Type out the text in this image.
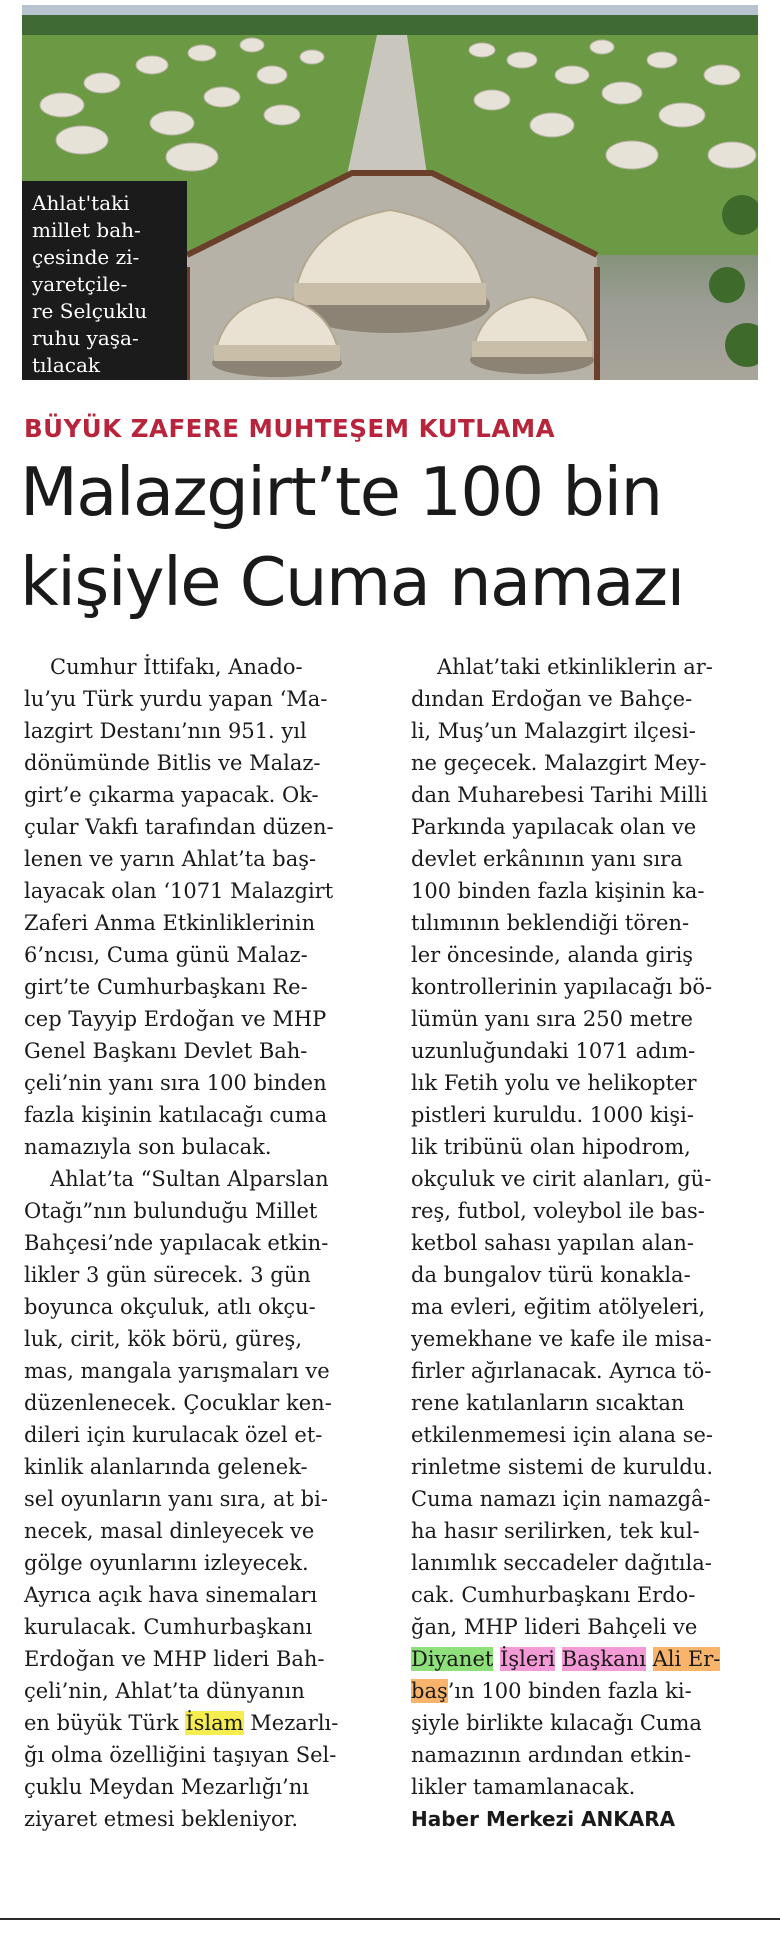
Ahlat'taki
millet bah-
çesinde zi-
yaretçile-
re Selçuklu
ruhu yaşa-
tılacak
BÜYÜK ZAFERE MUHTEŞEM KUTLAMA
Malazgirt’te 100 bin
kişiyle Cuma namazı
Cumhur İttifakı, Anado-
lu’yu Türk yurdu yapan ‘Ma-
lazgirt Destanı’nın 951. yıl
dönümünde Bitlis ve Malaz-
girt’e çıkarma yapacak. Ok-
çular Vakfı tarafından düzen-
lenen ve yarın Ahlat’ta baş-
layacak olan ‘1071 Malazgirt
Zaferi Anma Etkinliklerinin
6’ncısı, Cuma günü Malaz-
girt’te Cumhurbaşkanı Re-
cep Tayyip Erdoğan ve MHP
Genel Başkanı Devlet Bah-
çeli’nin yanı sıra 100 binden
fazla kişinin katılacağı cuma
namazıyla son bulacak.
Ahlat’ta “Sultan Alparslan
Otağı”nın bulunduğu Millet
Bahçesi’nde yapılacak etkin-
likler 3 gün sürecek. 3 gün
boyunca okçuluk, atlı okçu-
luk, cirit, kök börü, güreş,
mas, mangala yarışmaları ve
düzenlenecek. Çocuklar ken-
dileri için kurulacak özel et-
kinlik alanlarında gelenek-
sel oyunların yanı sıra, at bi-
necek, masal dinleyecek ve
gölge oyunlarını izleyecek.
Ayrıca açık hava sinemaları
kurulacak. Cumhurbaşkanı
Erdoğan ve MHP lideri Bah-
çeli’nin, Ahlat’ta dünyanın
en büyük Türk İslam Mezarlı-
ğı olma özelliğini taşıyan Sel-
çuklu Meydan Mezarlığı’nı
ziyaret etmesi bekleniyor.
Ahlat’taki etkinliklerin ar-
dından Erdoğan ve Bahçe-
li, Muş’un Malazgirt ilçesi-
ne geçecek. Malazgirt Mey-
dan Muharebesi Tarihi Milli
Parkında yapılacak olan ve
devlet erkânının yanı sıra
100 binden fazla kişinin ka-
tılımının beklendiği tören-
ler öncesinde, alanda giriş
kontrollerinin yapılacağı bö-
lümün yanı sıra 250 metre
uzunluğundaki 1071 adım-
lık Fetih yolu ve helikopter
pistleri kuruldu. 1000 kişi-
lik tribünü olan hipodrom,
okçuluk ve cirit alanları, gü-
reş, futbol, voleybol ile bas-
ketbol sahası yapılan alan-
da bungalov türü konakla-
ma evleri, eğitim atölyeleri,
yemekhane ve kafe ile misa-
firler ağırlanacak. Ayrıca tö-
rene katılanların sıcaktan
etkilenmemesi için alana se-
rinletme sistemi de kuruldu.
Cuma namazı için namazgâ-
ha hasır serilirken, tek kul-
lanımlık seccadeler dağıtıla-
cak. Cumhurbaşkanı Erdo-
ğan, MHP lideri Bahçeli ve
Diyanet İşleri Başkanı Ali Er-
baş’ın 100 binden fazla ki-
şiyle birlikte kılacağı Cuma
namazının ardından etkin-
likler tamamlanacak.
Haber Merkezi ANKARA
